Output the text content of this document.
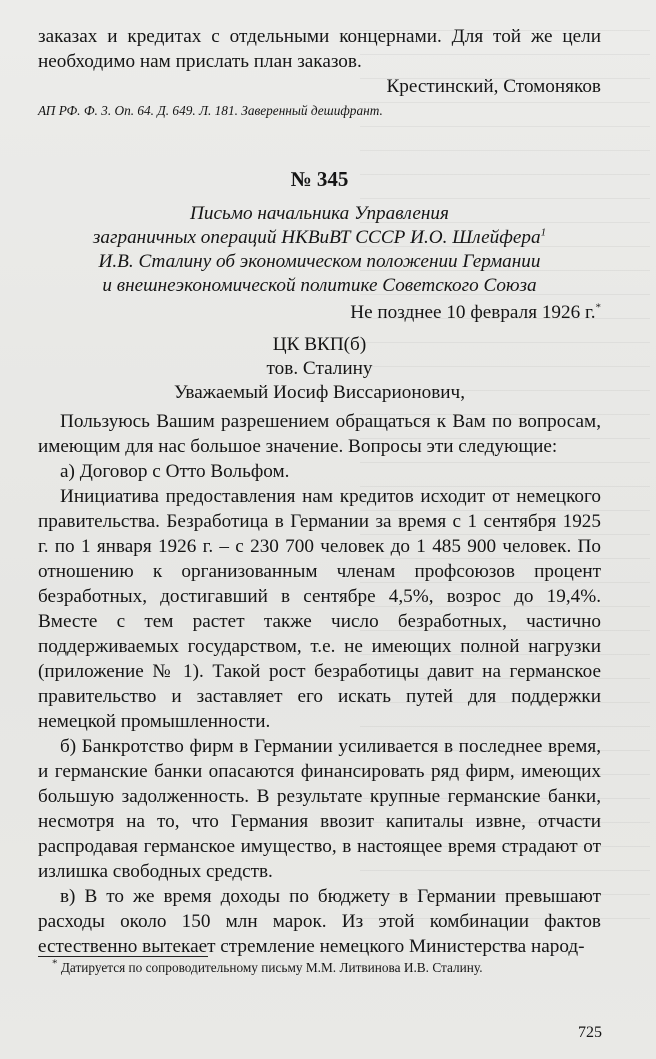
заказах и кредитах с отдельными концернами. Для той же цели необходимо нам прислать план заказов.

Крестинский, Стомоняков

АП РФ. Ф. 3. Оп. 64. Д. 649. Л. 181. Заверенный дешифрант.

№ 345

Письмо начальника Управления
заграничных операций НКВиВТ СССР И.О. Шлейфера$^1$
И.В. Сталину об экономическом положении Германии
и внешнеэкономической политике Советского Союза

Не позднее 10 февраля 1926 г.*

ЦК ВКП(б)

тов. Сталину

Уважаемый Иосиф Виссарионович,

Пользуюсь Вашим разрешением обращаться к Вам по вопросам, имеющим для нас большое значение. Вопросы эти следующие:

а) Договор с Отто Вольфом.

Инициатива предоставления нам кредитов исходит от немецкого правительства. Безработица в Германии за время с 1 сентября 1925 г. по 1 января 1926 г. – с 230 700 человек до 1 485 900 человек. По отношению к организованным членам профсоюзов процент безработных, достигавший в сентябре 4,5%, возрос до 19,4%. Вместе с тем растет также число безработных, частично поддерживаемых государством, т.е. не имеющих полной нагрузки (приложение № 1). Такой рост безработицы давит на германское правительство и заставляет его искать путей для поддержки немецкой промышленности.

б) Банкротство фирм в Германии усиливается в последнее время, и германские банки опасаются финансировать ряд фирм, имеющих большую задолженность. В результате крупные германские банки, несмотря на то, что Германия ввозит капиталы извне, отчасти распродавая германское имущество, в настоящее время страдают от излишка свободных средств.

в) В то же время доходы по бюджету в Германии превышают расходы около 150 млн марок. Из этой комбинации фактов естественно вытекает стремление немецкого Министерства народ-

* Датируется по сопроводительному письму М.М. Литвинова И.В. Сталину.
725
